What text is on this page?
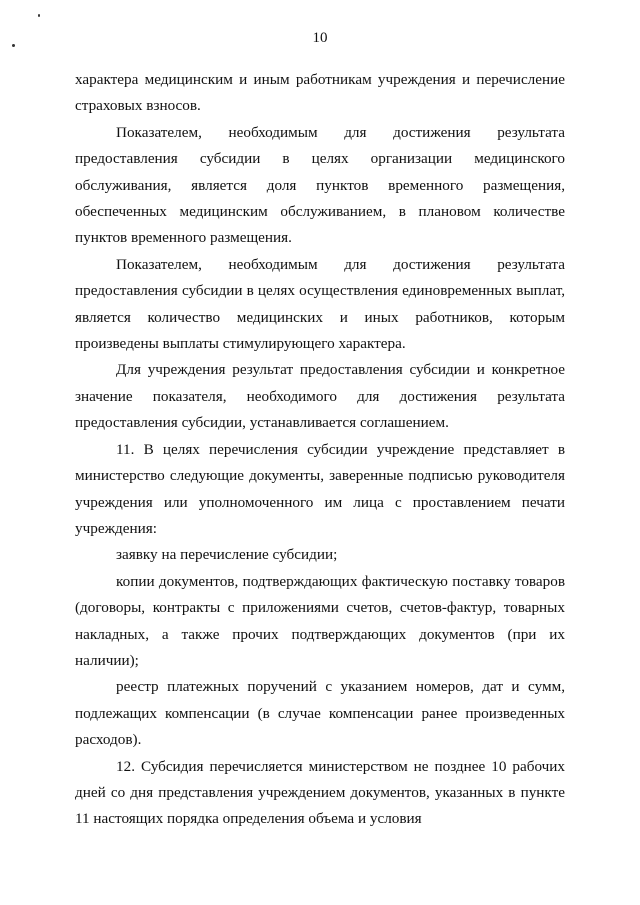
10

характера медицинским и иным работникам учреждения и перечисление страховых взносов.

Показателем, необходимым для достижения результата предоставления субсидии в целях организации медицинского обслуживания, является доля пунктов временного размещения, обеспеченных медицинским обслуживанием, в плановом количестве пунктов временного размещения.

Показателем, необходимым для достижения результата предоставления субсидии в целях осуществления единовременных выплат, является количество медицинских и иных работников, которым произведены выплаты стимулирующего характера.

Для учреждения результат предоставления субсидии и конкретное значение показателя, необходимого для достижения результата предоставления субсидии, устанавливается соглашением.

11. В целях перечисления субсидии учреждение представляет в министерство следующие документы, заверенные подписью руководителя учреждения или уполномоченного им лица с проставлением печати учреждения:

заявку на перечисление субсидии;

копии документов, подтверждающих фактическую поставку товаров (договоры, контракты с приложениями счетов, счетов-фактур, товарных накладных, а также прочих подтверждающих документов (при их наличии);

реестр платежных поручений с указанием номеров, дат и сумм, подлежащих компенсации (в случае компенсации ранее произведенных расходов).

12. Субсидия перечисляется министерством не позднее 10 рабочих дней со дня представления учреждением документов, указанных в пункте 11 настоящих порядка определения объема и условия
